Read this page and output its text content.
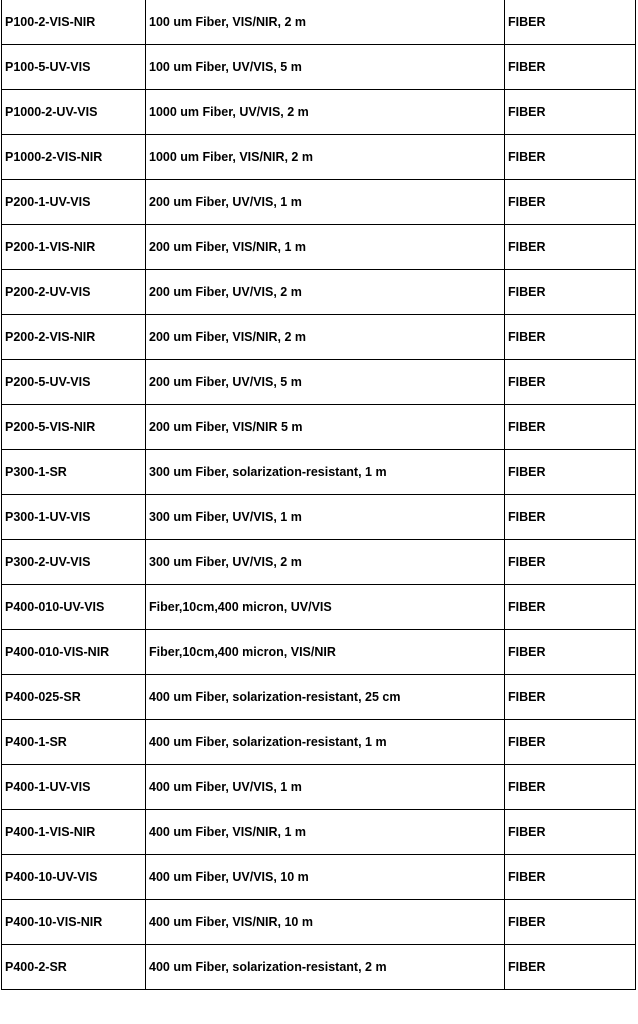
P100-2-VIS-NIR	100 um Fiber, VIS/NIR, 2 m	FIBER
P100-5-UV-VIS	100 um Fiber, UV/VIS, 5 m	FIBER
P1000-2-UV-VIS	1000 um Fiber, UV/VIS, 2 m	FIBER
P1000-2-VIS-NIR	1000 um Fiber, VIS/NIR, 2 m	FIBER
P200-1-UV-VIS	200 um Fiber, UV/VIS, 1 m	FIBER
P200-1-VIS-NIR	200 um Fiber, VIS/NIR, 1 m	FIBER
P200-2-UV-VIS	200 um Fiber, UV/VIS, 2 m	FIBER
P200-2-VIS-NIR	200 um Fiber, VIS/NIR, 2 m	FIBER
P200-5-UV-VIS	200 um Fiber, UV/VIS, 5 m	FIBER
P200-5-VIS-NIR	200 um Fiber, VIS/NIR 5 m	FIBER
P300-1-SR	300 um Fiber, solarization-resistant, 1 m	FIBER
P300-1-UV-VIS	300 um Fiber, UV/VIS, 1 m	FIBER
P300-2-UV-VIS	300 um Fiber, UV/VIS, 2 m	FIBER
P400-010-UV-VIS	Fiber,10cm,400 micron, UV/VIS	FIBER
P400-010-VIS-NIR	Fiber,10cm,400 micron, VIS/NIR	FIBER
P400-025-SR	400 um Fiber, solarization-resistant, 25 cm	FIBER
P400-1-SR	400 um Fiber, solarization-resistant, 1 m	FIBER
P400-1-UV-VIS	400 um Fiber, UV/VIS, 1 m	FIBER
P400-1-VIS-NIR	400 um Fiber, VIS/NIR, 1 m	FIBER
P400-10-UV-VIS	400 um Fiber, UV/VIS, 10 m	FIBER
P400-10-VIS-NIR	400 um Fiber, VIS/NIR, 10 m	FIBER
P400-2-SR	400 um Fiber, solarization-resistant, 2 m	FIBER
